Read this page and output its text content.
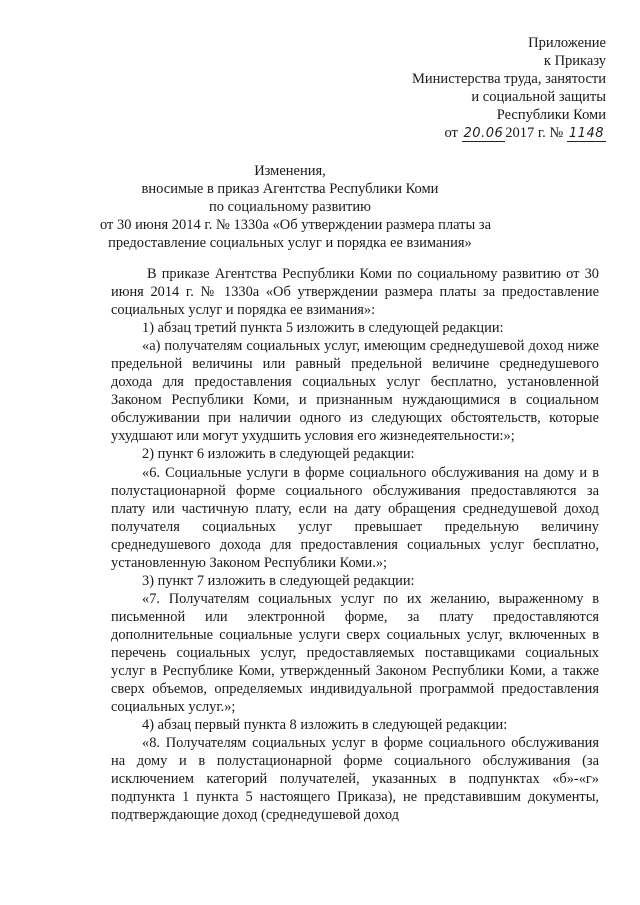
Приложение
к Приказу
Министерства труда, занятости
и социальной защиты
Республики Коми
от 20.06 2017 г. № 1148
Изменения,
вносимые в приказ Агентства Республики Коми
по социальному развитию
от 30 июня 2014 г. № 1330а «Об утверждении размера платы за
предоставление социальных услуг и порядка ее взимания»

В приказе Агентства Республики Коми по социальному развитию от 30 июня 2014 г. № 1330а «Об утверждении размера платы за предоставление социальных услуг и порядка ее взимания»:

1) абзац третий пункта 5 изложить в следующей редакции:

«а) получателям социальных услуг, имеющим среднедушевой доход ниже предельной величины или равный предельной величине среднедушевого дохода для предоставления социальных услуг бесплатно, установленной Законом Республики Коми, и признанным нуждающимися в социальном обслуживании при наличии одного из следующих обстоятельств, которые ухудшают или могут ухудшить условия его жизнедеятельности:»;

2) пункт 6 изложить в следующей редакции:

«6. Социальные услуги в форме социального обслуживания на дому и в полустационарной форме социального обслуживания предоставляются за плату или частичную плату, если на дату обращения среднедушевой доход получателя социальных услуг превышает предельную величину среднедушевого дохода для предоставления социальных услуг бесплатно, установленную Законом Республики Коми.»;

3) пункт 7 изложить в следующей редакции:

«7. Получателям социальных услуг по их желанию, выраженному в письменной или электронной форме, за плату предоставляются дополнительные социальные услуги сверх социальных услуг, включенных в перечень социальных услуг, предоставляемых поставщиками социальных услуг в Республике Коми, утвержденный Законом Республики Коми, а также сверх объемов, определяемых индивидуальной программой предоставления социальных услуг.»;

4) абзац первый пункта 8 изложить в следующей редакции:

«8. Получателям социальных услуг в форме социального обслуживания на дому и в полустационарной форме социального обслуживания (за исключением категорий получателей, указанных в подпунктах «б»-«г» подпункта 1 пункта 5 настоящего Приказа), не представившим документы, подтверждающие доход (среднедушевой доход
